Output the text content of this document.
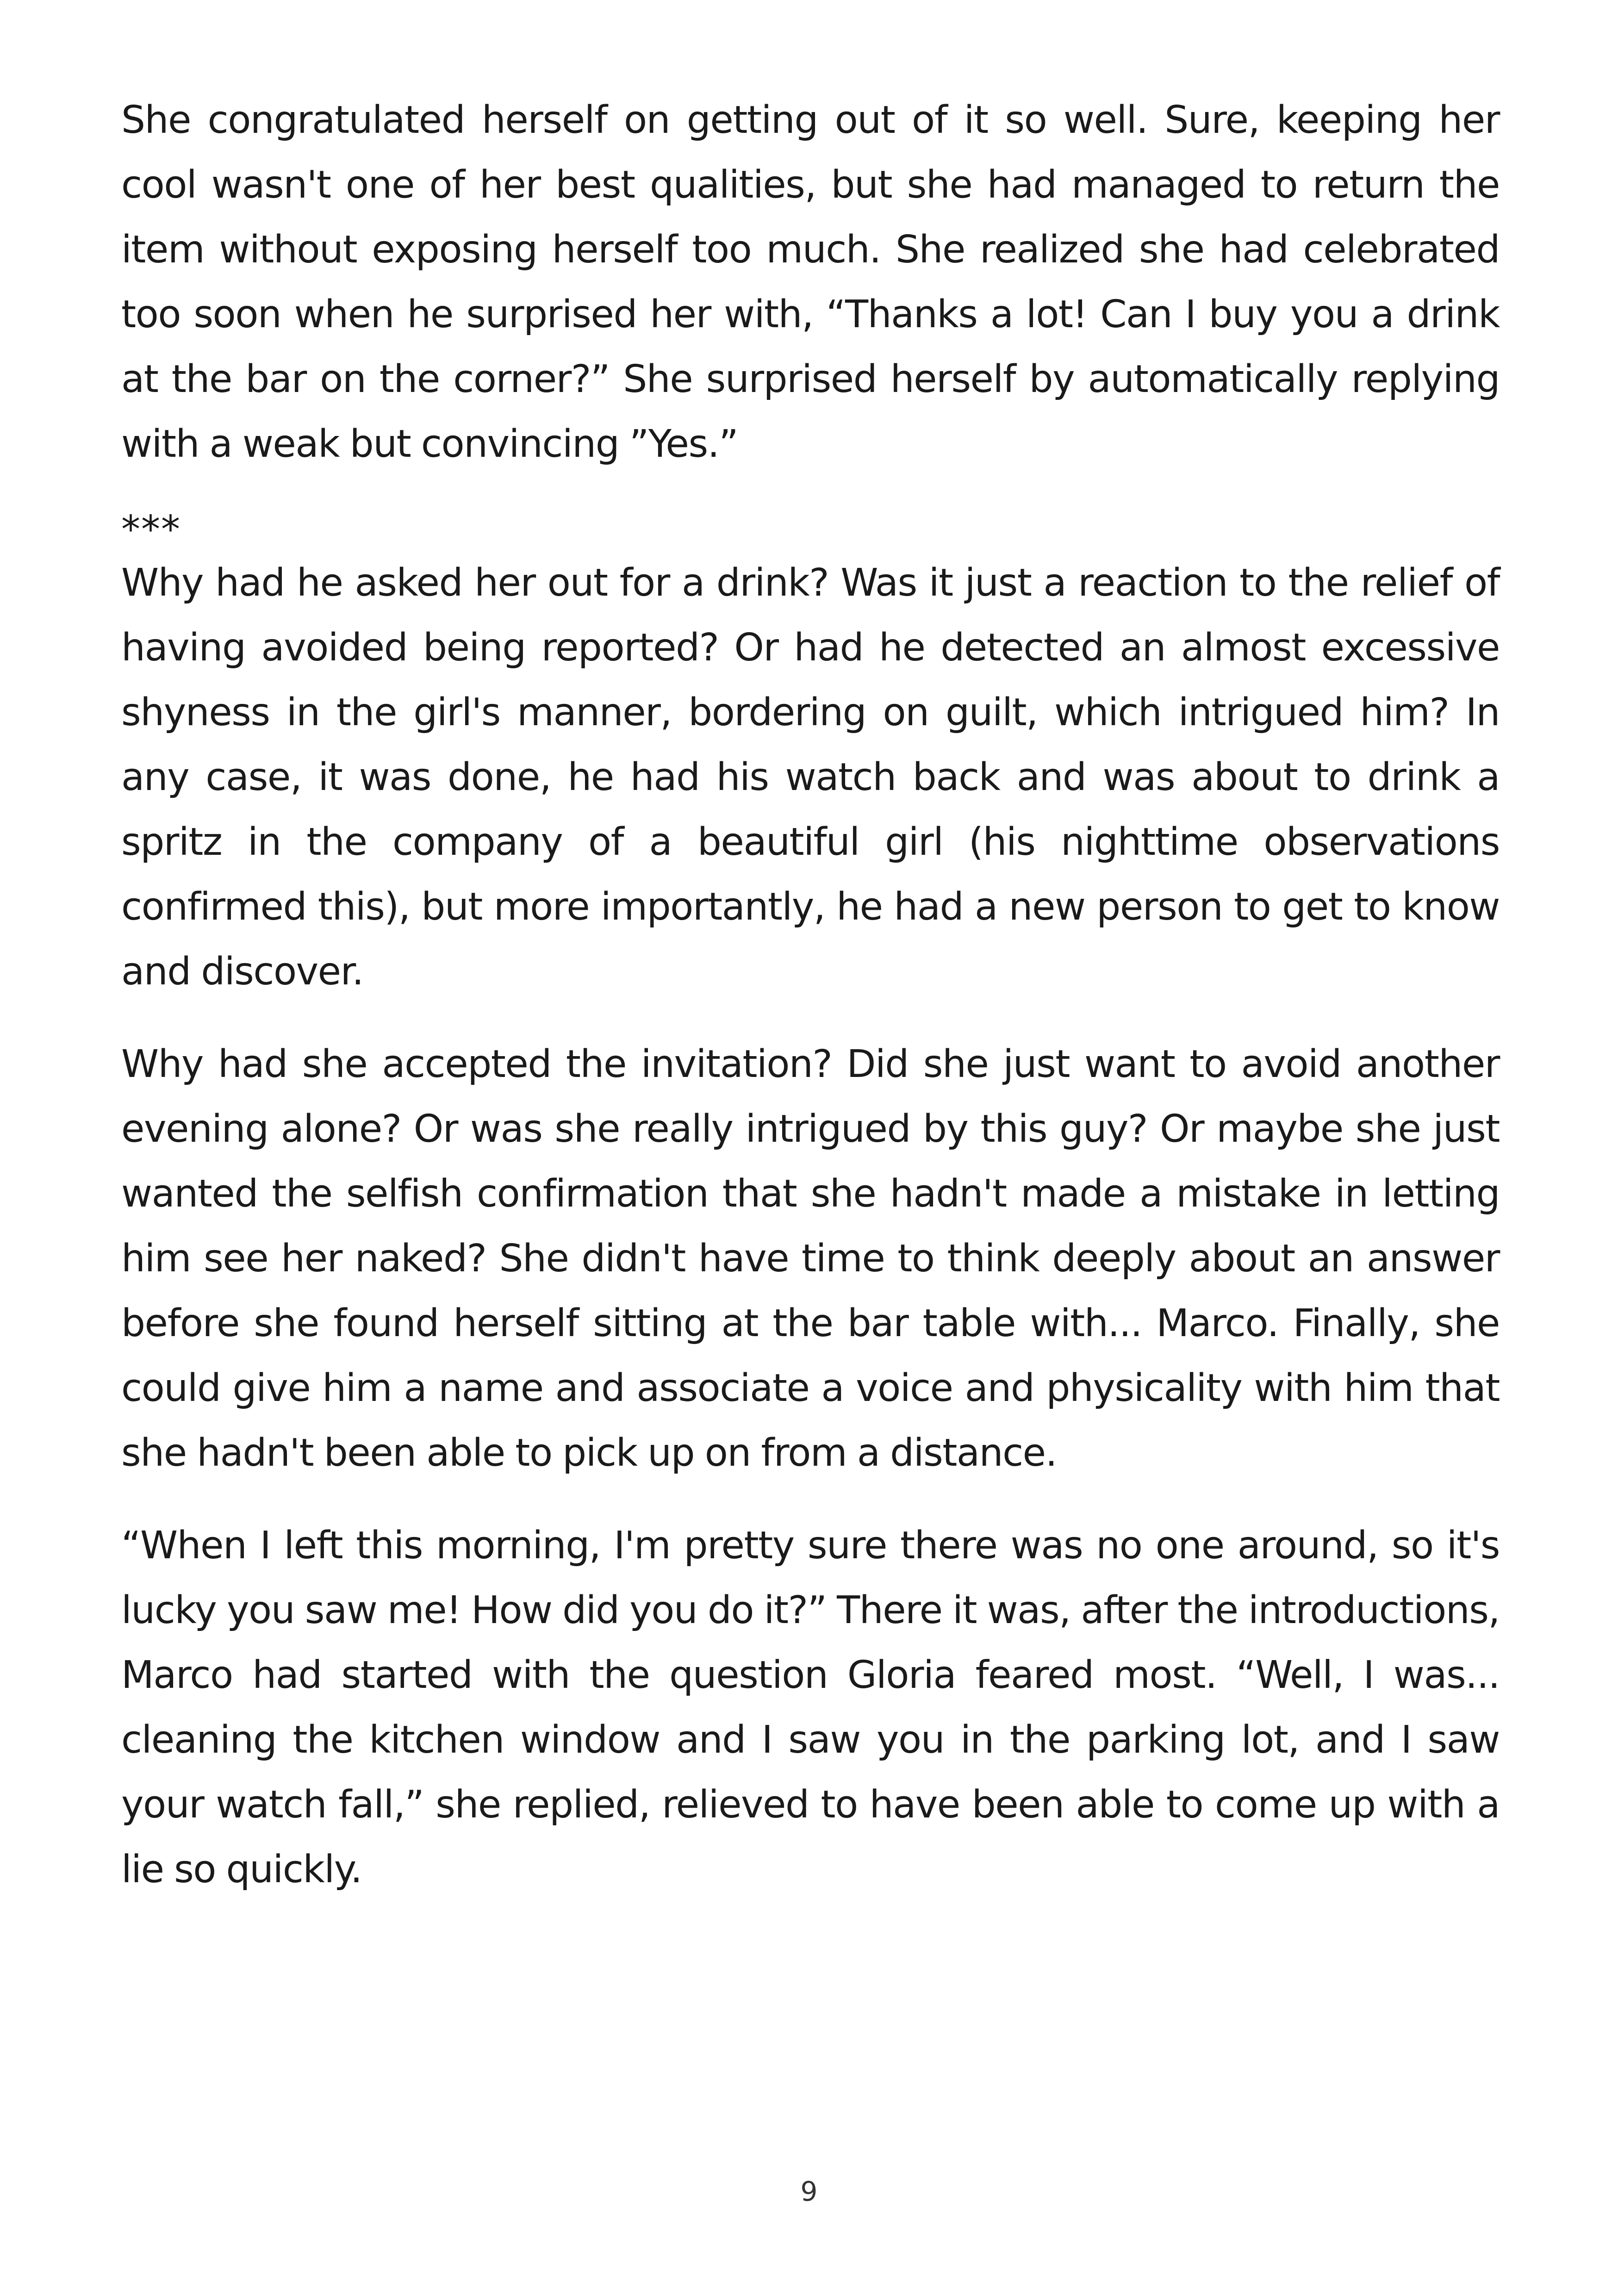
She congratulated herself on getting out of it so well. Sure, keeping her cool wasn't one of her best qualities, but she had managed to return the item without exposing herself too much. She realized she had celebrated too soon when he surprised her with, “Thanks a lot! Can I buy you a drink at the bar on the corner?” She surprised herself by automatically replying with a weak but convincing ”Yes.”

***

Why had he asked her out for a drink? Was it just a reaction to the relief of having avoided being reported? Or had he detected an almost excessive shyness in the girl's manner, bordering on guilt, which intrigued him? In any case, it was done, he had his watch back and was about to drink a spritz in the company of a beautiful girl (his nighttime observations confirmed this), but more importantly, he had a new person to get to know and discover.

Why had she accepted the invitation? Did she just want to avoid another evening alone? Or was she really intrigued by this guy? Or maybe she just wanted the selfish confirmation that she hadn't made a mistake in letting him see her naked? She didn't have time to think deeply about an answer before she found herself sitting at the bar table with... Marco. Finally, she could give him a name and associate a voice and physicality with him that she hadn't been able to pick up on from a distance.

“When I left this morning, I'm pretty sure there was no one around, so it's lucky you saw me! How did you do it?” There it was, after the introductions, Marco had started with the question Gloria feared most. “Well, I was... cleaning the kitchen window and I saw you in the parking lot, and I saw your watch fall,” she replied, relieved to have been able to come up with a lie so quickly.

9
